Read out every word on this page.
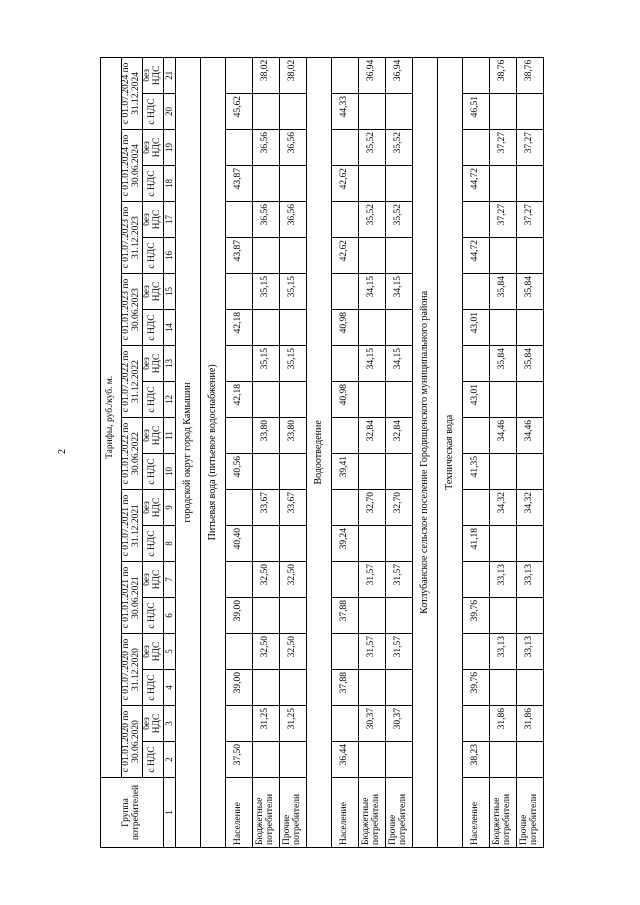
2
Группа потребителей	Тарифы, руб./куб. м.																			
	с 01.01.2020 по 30.06.2020		с 01.07.2020 по 31.12.2020		с 01.01.2021 по 30.06.2021		с 01.07.2021 по 31.12.2021		с 01.01.2022 по 30.06.2022		с 01.07.2022 по 31.12.2022		с 01.01.2023 по 30.06.2023		с 01.07.2023 по 31.12.2023		с 01.01.2024 по 30.06.2024		с 01.07.2024 по 31.12.2024	
	с НДС	без НДС	с НДС	без НДС	с НДС	без НДС	с НДС	без НДС	с НДС	без НДС	с НДС	без НДС	с НДС	без НДС	с НДС	без НДС	с НДС	без НДС	с НДС	без НДС
1	2	3	4	5	6	7	8	9	10	11	12	13	14	15	16	17	18	19	20	21
городской округ город Камышин																				
Питьевая вода (питьевое водоснабжение)																				
Население	37,50		39,00		39,00		40,40		40,56		42,18		42,18		43,87		43,87		45,62	
Бюджетные потребители		31,25		32,50		32,50		33,67		33,80		35,15		35,15		36,56		36,56		38,02
Прочие потребители		31,25		32,50		32,50		33,67		33,80		35,15		35,15		36,56		36,56		38,02
Водоотведение																				
Население	36,44		37,88		37,88		39,24		39,41		40,98		40,98		42,62		42,62		44,33	
Бюджетные потребители		30,37		31,57		31,57		32,70		32,84		34,15		34,15		35,52		35,52		36,94
Прочие потребители		30,37		31,57		31,57		32,70		32,84		34,15		34,15		35,52		35,52		36,94
Котлубанское сельское поселение Городищенского муниципального района																				
Техническая вода																				
Население	38,23		39,76		39,76		41,18		41,35		43,01		43,01		44,72		44,72		46,51	
Бюджетные потребители		31,86		33,13		33,13		34,32		34,46		35,84		35,84		37,27		37,27		38,76
Прочие потребители		31,86		33,13		33,13		34,32		34,46		35,84		35,84		37,27		37,27		38,76
